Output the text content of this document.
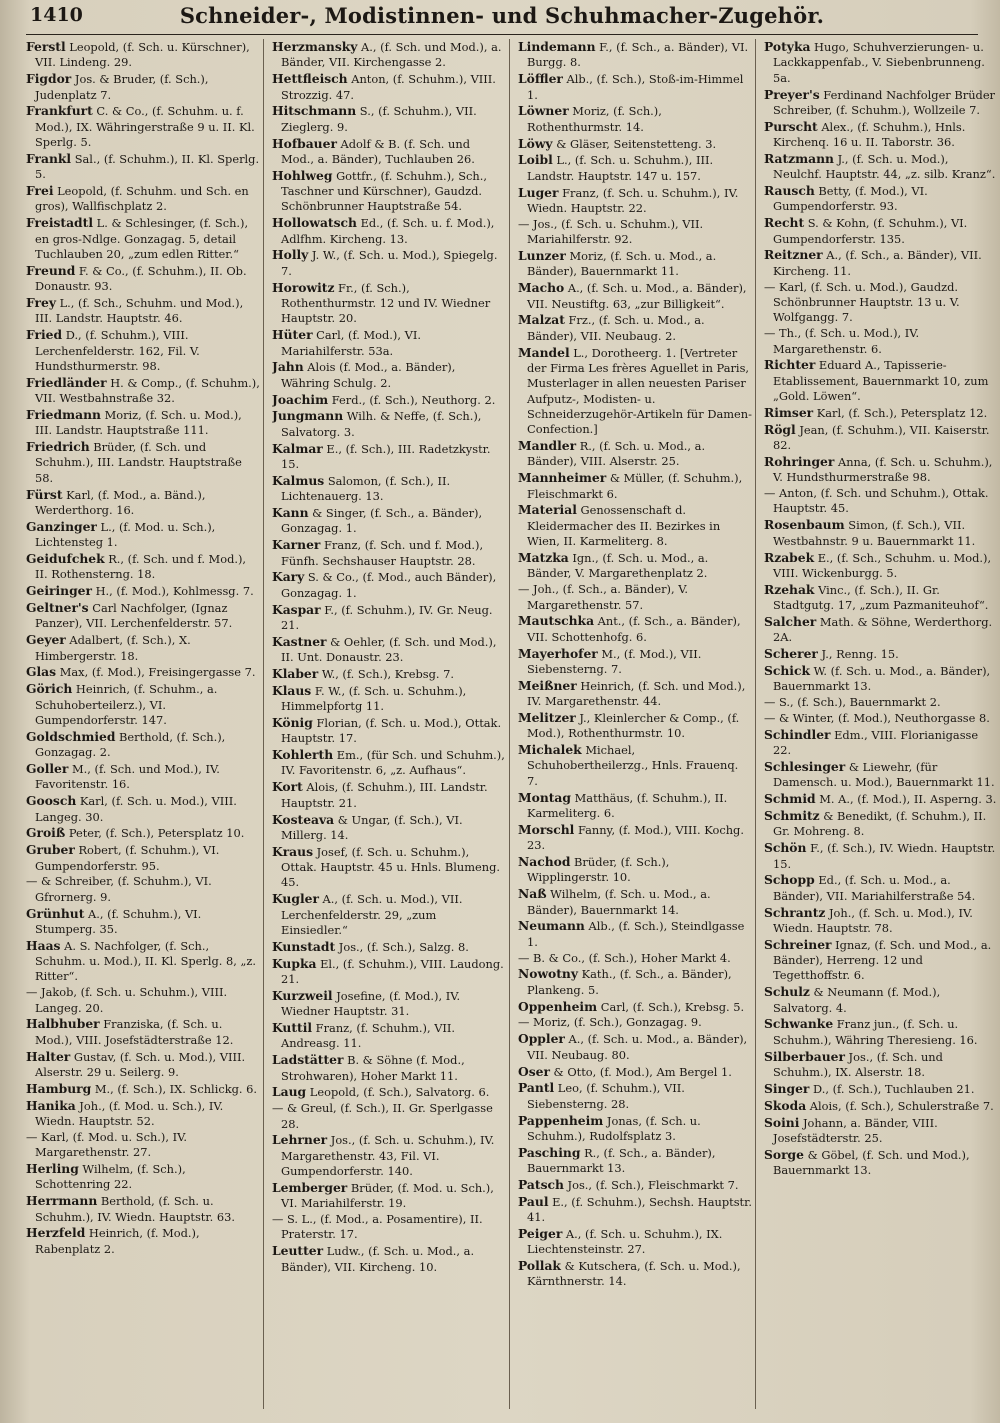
1410	Schneider-, Modistinnen- und Schuhmacher-Zugehör.
Ferstl Leopold, (f. Sch. u. Kürschner), VII. Lindeng. 29.
Figdor Jos. & Bruder, (f. Sch.), Judenplatz 7.
Frankfurt C. & Co., (f. Schuhm. u. f. Mod.), IX. Währingerstraße 9 u. II. Kl. Sperlg. 5.
Frankl Sal., (f. Schuhm.), II. Kl. Sperlg. 5.
Frei Leopold, (f. Schuhm. und Sch. en gros), Wallfischplatz 2.
Freistadtl L. & Schlesinger, (f. Sch.), en gros-Ndlge. Gonzagag. 5, detail Tuchlauben 20, „zum edlen Ritter.“
Freund F. & Co., (f. Schuhm.), II. Ob. Donaustr. 93.
Frey L., (f. Sch., Schuhm. und Mod.), III. Landstr. Hauptstr. 46.
Fried D., (f. Schuhm.), VIII. Lerchenfelderstr. 162, Fil. V. Hundsthurmerstr. 98.
Friedländer H. & Comp., (f. Schuhm.), VII. Westbahnstraße 32.
Friedmann Moriz, (f. Sch. u. Mod.), III. Landstr. Hauptstraße 111.
Friedrich Brüder, (f. Sch. und Schuhm.), III. Landstr. Hauptstraße 58.
Fürst Karl, (f. Mod., a. Bänd.), Werderthorg. 16.
Ganzinger L., (f. Mod. u. Sch.), Lichtensteg 1.
Geidufchek R., (f. Sch. und f. Mod.), II. Rothensterng. 18.
Geiringer H., (f. Mod.), Kohlmessg. 7.
Geltner's Carl Nachfolger, (Ignaz Panzer), VII. Lerchenfelderstr. 57.
Geyer Adalbert, (f. Sch.), X. Himbergerstr. 18.
Glas Max, (f. Mod.), Freisingergasse 7.
Görich Heinrich, (f. Schuhm., a. Schuhoberteilerz.), VI. Gumpendorferstr. 147.
Goldschmied Berthold, (f. Sch.), Gonzagag. 2.
Goller M., (f. Sch. und Mod.), IV. Favoritenstr. 16.
Goosch Karl, (f. Sch. u. Mod.), VIII. Langeg. 30.
Groiß Peter, (f. Sch.), Petersplatz 10.
Gruber Robert, (f. Schuhm.), VI. Gumpendorferstr. 95.
— & Schreiber, (f. Schuhm.), VI. Gfrornerg. 9.
Grünhut A., (f. Schuhm.), VI. Stumperg. 35.
Haas A. S. Nachfolger, (f. Sch., Schuhm. u. Mod.), II. Kl. Sperlg. 8, „z. Ritter“.
— Jakob, (f. Sch. u. Schuhm.), VIII. Langeg. 20.
Halbhuber Franziska, (f. Sch. u. Mod.), VIII. Josefstädterstraße 12.
Halter Gustav, (f. Sch. u. Mod.), VIII. Alserstr. 29 u. Seilerg. 9.
Hamburg M., (f. Sch.), IX. Schlickg. 6.
Hanika Joh., (f. Mod. u. Sch.), IV. Wiedn. Hauptstr. 52.
— Karl, (f. Mod. u. Sch.), IV. Margarethenstr. 27.
Herling Wilhelm, (f. Sch.), Schottenring 22.
Herrmann Berthold, (f. Sch. u. Schuhm.), IV. Wiedn. Hauptstr. 63.
Herzfeld Heinrich, (f. Mod.), Rabenplatz 2.
Herzmansky A., (f. Sch. und Mod.), a. Bänder, VII. Kirchengasse 2.
Hettfleisch Anton, (f. Schuhm.), VIII. Strozzig. 47.
Hitschmann S., (f. Schuhm.), VII. Zieglerg. 9.
Hofbauer Adolf & B. (f. Sch. und Mod., a. Bänder), Tuchlauben 26.
Hohlweg Gottfr., (f. Schuhm.), Sch., Taschner und Kürschner), Gaudzd. Schönbrunner Hauptstraße 54.
Hollowatsch Ed., (f. Sch. u. f. Mod.), Adlfhm. Kircheng. 13.
Holly J. W., (f. Sch. u. Mod.), Spiegelg. 7.
Horowitz Fr., (f. Sch.), Rothenthurmstr. 12 und IV. Wiedner Hauptstr. 20.
Hüter Carl, (f. Mod.), VI. Mariahilferstr. 53a.
Jahn Alois (f. Mod., a. Bänder), Währing Schulg. 2.
Joachim Ferd., (f. Sch.), Neuthorg. 2.
Jungmann Wilh. & Neffe, (f. Sch.), Salvatorg. 3.
Kalmar E., (f. Sch.), III. Radetzkystr. 15.
Kalmus Salomon, (f. Sch.), II. Lichtenauerg. 13.
Kann & Singer, (f. Sch., a. Bänder), Gonzagag. 1.
Karner Franz, (f. Sch. und f. Mod.), Fünfh. Sechshauser Hauptstr. 28.
Kary S. & Co., (f. Mod., auch Bänder), Gonzagag. 1.
Kaspar F., (f. Schuhm.), IV. Gr. Neug. 21.
Kastner & Oehler, (f. Sch. und Mod.), II. Unt. Donaustr. 23.
Klaber W., (f. Sch.), Krebsg. 7.
Klaus F. W., (f. Sch. u. Schuhm.), Himmelpfortg 11.
König Florian, (f. Sch. u. Mod.), Ottak. Hauptstr. 17.
Kohlerth Em., (für Sch. und Schuhm.), IV. Favoritenstr. 6, „z. Aufhaus“.
Kort Alois, (f. Schuhm.), III. Landstr. Hauptstr. 21.
Kosteava & Ungar, (f. Sch.), VI. Millerg. 14.
Kraus Josef, (f. Sch. u. Schuhm.), Ottak. Hauptstr. 45 u. Hnls. Blumeng. 45.
Kugler A., (f. Sch. u. Mod.), VII. Lerchenfelderstr. 29, „zum Einsiedler.“
Kunstadt Jos., (f. Sch.), Salzg. 8.
Kupka El., (f. Schuhm.), VIII. Laudong. 21.
Kurzweil Josefine, (f. Mod.), IV. Wiedner Hauptstr. 31.
Kuttil Franz, (f. Schuhm.), VII. Andreasg. 11.
Ladstätter B. & Söhne (f. Mod., Strohwaren), Hoher Markt 11.
Laug Leopold, (f. Sch.), Salvatorg. 6.
— & Greul, (f. Sch.), II. Gr. Sperlgasse 28.
Lehrner Jos., (f. Sch. u. Schuhm.), IV. Margarethenstr. 43, Fil. VI. Gumpendorferstr. 140.
Lemberger Brüder, (f. Mod. u. Sch.), VI. Mariahilferstr. 19.
— S. L., (f. Mod., a. Posamentire), II. Praterstr. 17.
Leutter Ludw., (f. Sch. u. Mod., a. Bänder), VII. Kircheng. 10.
Lindemann F., (f. Sch., a. Bänder), VI. Burgg. 8.
Löffler Alb., (f. Sch.), Stoß-im-Himmel 1.
Löwner Moriz, (f. Sch.), Rothenthurmstr. 14.
Löwy & Gläser, Seitenstetteng. 3.
Loibl L., (f. Sch. u. Schuhm.), III. Landstr. Hauptstr. 147 u. 157.
Luger Franz, (f. Sch. u. Schuhm.), IV. Wiedn. Hauptstr. 22.
— Jos., (f. Sch. u. Schuhm.), VII. Mariahilferstr. 92.
Lunzer Moriz, (f. Sch. u. Mod., a. Bänder), Bauernmarkt 11.
Macho A., (f. Sch. u. Mod., a. Bänder), VII. Neustiftg. 63, „zur Billigkeit“.
Malzat Frz., (f. Sch. u. Mod., a. Bänder), VII. Neubaug. 2.
Mandel L., Dorotheerg. 1. [Vertreter der Firma Les frères Aguellet in Paris, Musterlager in allen neuesten Pariser Aufputz-, Modisten- u. Schneiderzugehör-Artikeln für Damen-Confection.]
Mandler R., (f. Sch. u. Mod., a. Bänder), VIII. Alserstr. 25.
Mannheimer & Müller, (f. Schuhm.), Fleischmarkt 6.
Material Genossenschaft d. Kleidermacher des II. Bezirkes in Wien, II. Karmeliterg. 8.
Matzka Ign., (f. Sch. u. Mod., a. Bänder, V. Margarethenplatz 2.
— Joh., (f. Sch., a. Bänder), V. Margarethenstr. 57.
Mautschka Ant., (f. Sch., a. Bänder), VII. Schottenhofg. 6.
Mayerhofer M., (f. Mod.), VII. Siebensterng. 7.
Meißner Heinrich, (f. Sch. und Mod.), IV. Margarethenstr. 44.
Melitzer J., Kleinlercher & Comp., (f. Mod.), Rothenthurmstr. 10.
Michalek Michael, Schuhobertheilerzg., Hnls. Frauenq. 7.
Montag Matthäus, (f. Schuhm.), II. Karmeliterg. 6.
Morschl Fanny, (f. Mod.), VIII. Kochg. 23.
Nachod Brüder, (f. Sch.), Wipplingerstr. 10.
Naß Wilhelm, (f. Sch. u. Mod., a. Bänder), Bauernmarkt 14.
Neumann Alb., (f. Sch.), Steindlgasse 1.
— B. & Co., (f. Sch.), Hoher Markt 4.
Nowotny Kath., (f. Sch., a. Bänder), Plankeng. 5.
Oppenheim Carl, (f. Sch.), Krebsg. 5.
— Moriz, (f. Sch.), Gonzagag. 9.
Oppler A., (f. Sch. u. Mod., a. Bänder), VII. Neubaug. 80.
Oser & Otto, (f. Mod.), Am Bergel 1.
Pantl Leo, (f. Schuhm.), VII. Siebensterng. 28.
Pappenheim Jonas, (f. Sch. u. Schuhm.), Rudolfsplatz 3.
Pasching R., (f. Sch., a. Bänder), Bauernmarkt 13.
Patsch Jos., (f. Sch.), Fleischmarkt 7.
Paul E., (f. Schuhm.), Sechsh. Hauptstr. 41.
Peiger A., (f. Sch. u. Schuhm.), IX. Liechtensteinstr. 27.
Pollak & Kutschera, (f. Sch. u. Mod.), Kärnthnerstr. 14.
Potyka Hugo, Schuhverzierungen- u. Lackkappenfab., V. Siebenbrunneng. 5a.
Preyer's Ferdinand Nachfolger Brüder Schreiber, (f. Schuhm.), Wollzeile 7.
Purscht Alex., (f. Schuhm.), Hnls. Kirchenq. 16 u. II. Taborstr. 36.
Ratzmann J., (f. Sch. u. Mod.), Neulchf. Hauptstr. 44, „z. silb. Kranz“.
Rausch Betty, (f. Mod.), VI. Gumpendorferstr. 93.
Recht S. & Kohn, (f. Schuhm.), VI. Gumpendorferstr. 135.
Reitzner A., (f. Sch., a. Bänder), VII. Kircheng. 11.
— Karl, (f. Sch. u. Mod.), Gaudzd. Schönbrunner Hauptstr. 13 u. V. Wolfgangg. 7.
— Th., (f. Sch. u. Mod.), IV. Margarethenstr. 6.
Richter Eduard A., Tapisserie-Etablissement, Bauernmarkt 10, zum „Gold. Löwen“.
Rimser Karl, (f. Sch.), Petersplatz 12.
Rögl Jean, (f. Schuhm.), VII. Kaiserstr. 82.
Rohringer Anna, (f. Sch. u. Schuhm.), V. Hundsthurmerstraße 98.
— Anton, (f. Sch. und Schuhm.), Ottak. Hauptstr. 45.
Rosenbaum Simon, (f. Sch.), VII. Westbahnstr. 9 u. Bauernmarkt 11.
Rzabek E., (f. Sch., Schuhm. u. Mod.), VIII. Wickenburgg. 5.
Rzehak Vinc., (f. Sch.), II. Gr. Stadtgutg. 17, „zum Pazmaniteuhof“.
Salcher Math. & Söhne, Werderthorg. 2A.
Scherer J., Renng. 15.
Schick W. (f. Sch. u. Mod., a. Bänder), Bauernmarkt 13.
— S., (f. Sch.), Bauernmarkt 2.
— & Winter, (f. Mod.), Neuthorgasse 8.
Schindler Edm., VIII. Florianigasse 22.
Schlesinger & Liewehr, (für Damensch. u. Mod.), Bauernmarkt 11.
Schmid M. A., (f. Mod.), II. Asperng. 3.
Schmitz & Benedikt, (f. Schuhm.), II. Gr. Mohreng. 8.
Schön F., (f. Sch.), IV. Wiedn. Hauptstr. 15.
Schopp Ed., (f. Sch. u. Mod., a. Bänder), VII. Mariahilferstraße 54.
Schrantz Joh., (f. Sch. u. Mod.), IV. Wiedn. Hauptstr. 78.
Schreiner Ignaz, (f. Sch. und Mod., a. Bänder), Herreng. 12 und Tegetthoffstr. 6.
Schulz & Neumann (f. Mod.), Salvatorg. 4.
Schwanke Franz jun., (f. Sch. u. Schuhm.), Währing Theresieng. 16.
Silberbauer Jos., (f. Sch. und Schuhm.), IX. Alserstr. 18.
Singer D., (f. Sch.), Tuchlauben 21.
Skoda Alois, (f. Sch.), Schulerstraße 7.
Soini Johann, a. Bänder, VIII. Josefstädterstr. 25.
Sorge & Göbel, (f. Sch. und Mod.), Bauernmarkt 13.
